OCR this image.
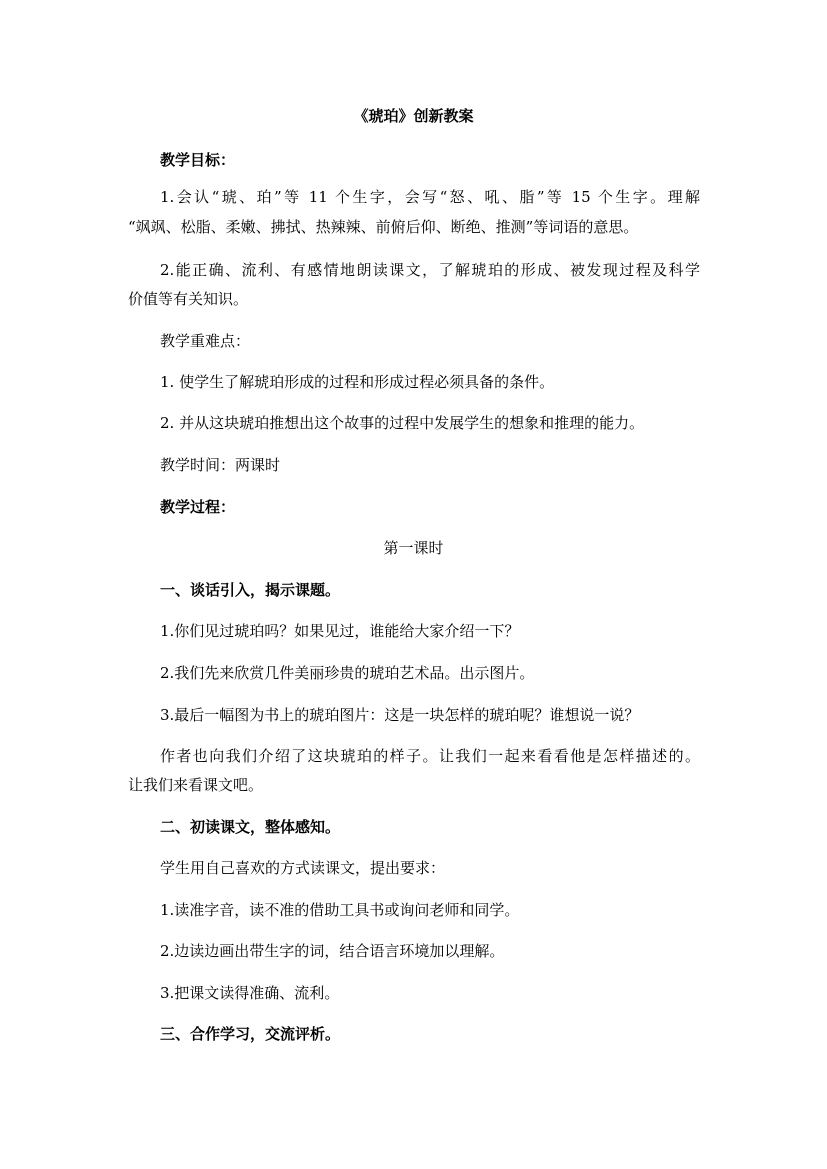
《琥珀》创新教案
教学目标：
1.会认“琥、珀”等 11 个生字，会写“怒、吼、脂”等 15 个生字。理解
“飒飒、松脂、柔嫩、拂拭、热辣辣、前俯后仰、断绝、推测”等词语的意思。
2.能正确、流利、有感情地朗读课文，了解琥珀的形成、被发现过程及科学
价值等有关知识。
教学重难点：
1. 使学生了解琥珀形成的过程和形成过程必须具备的条件。
2. 并从这块琥珀推想出这个故事的过程中发展学生的想象和推理的能力。
教学时间：两课时
教学过程：
第一课时
一、谈话引入，揭示课题。
1.你们见过琥珀吗？如果见过，谁能给大家介绍一下？
2.我们先来欣赏几件美丽珍贵的琥珀艺术品。出示图片。
3.最后一幅图为书上的琥珀图片：这是一块怎样的琥珀呢？谁想说一说？
作者也向我们介绍了这块琥珀的样子。让我们一起来看看他是怎样描述的。
让我们来看课文吧。
二、初读课文，整体感知。
学生用自己喜欢的方式读课文，提出要求：
1.读准字音，读不准的借助工具书或询问老师和同学。
2.边读边画出带生字的词，结合语言环境加以理解。
3.把课文读得准确、流利。
三、合作学习，交流评析。
